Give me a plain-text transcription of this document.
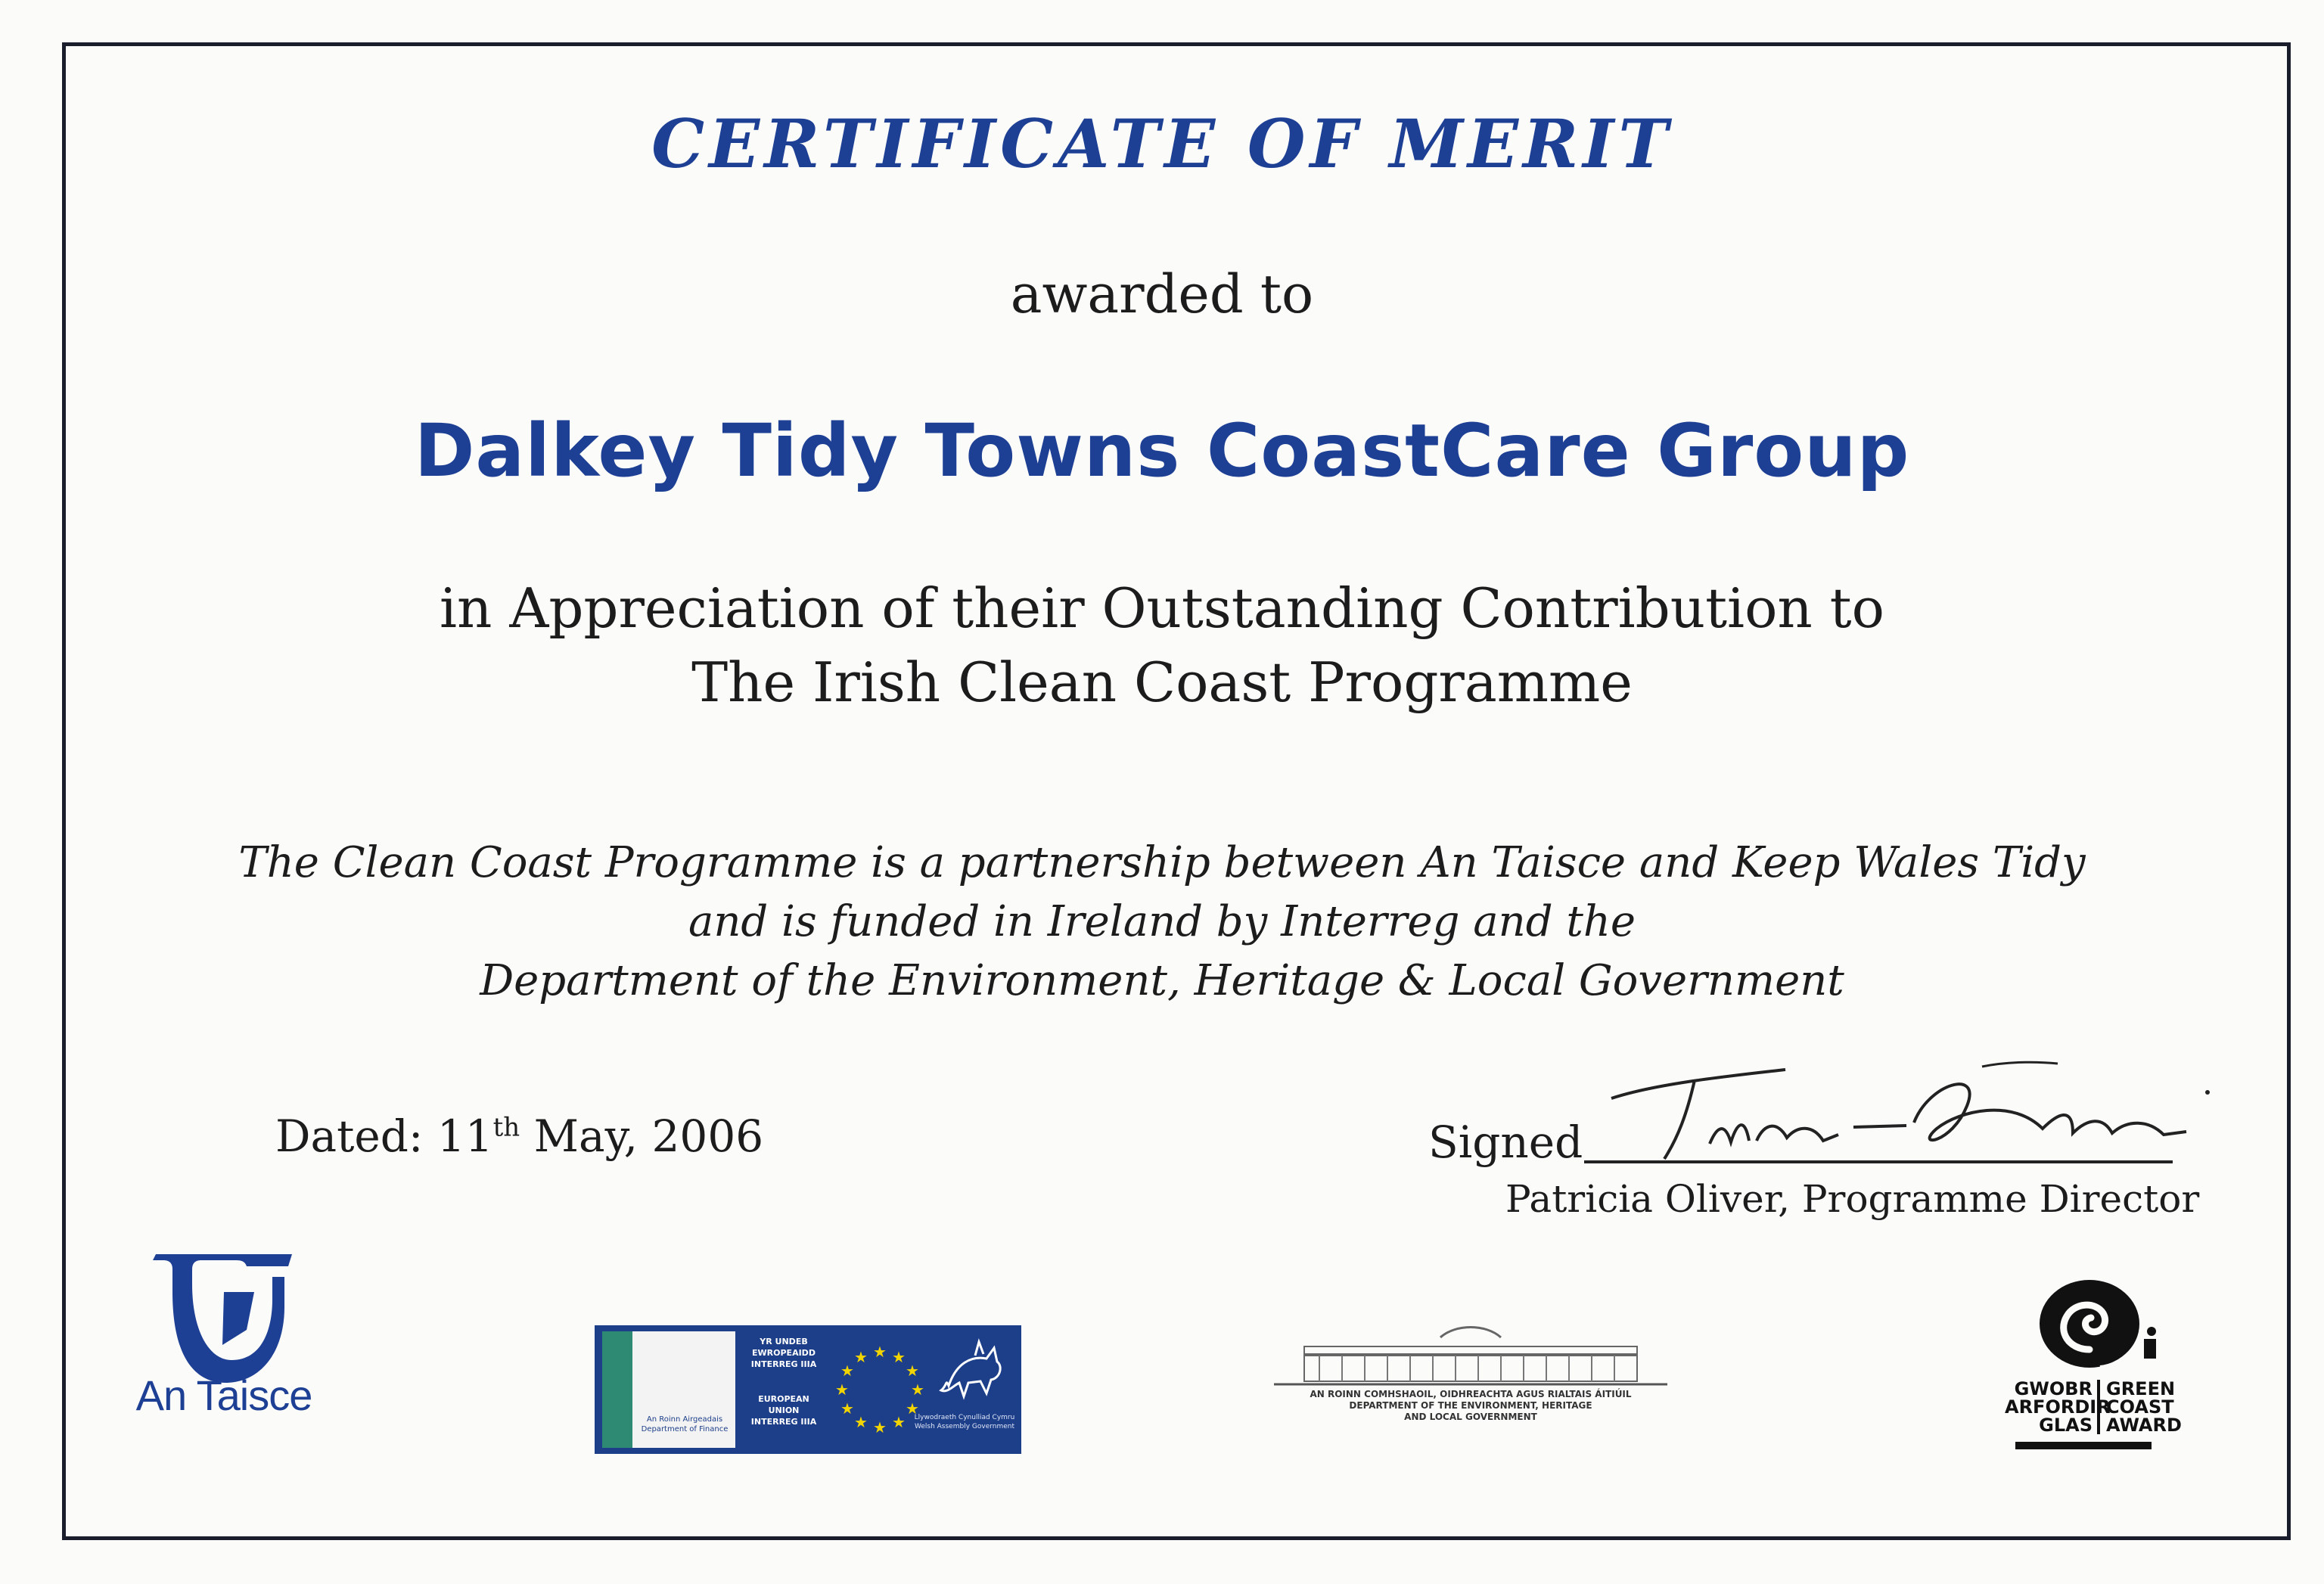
CERTIFICATE OF MERIT
awarded to
Dalkey Tidy Towns CoastCare Group
in Appreciation of their Outstanding Contribution to
The Irish Clean Coast Programme
The Clean Coast Programme is a partnership between An Taisce and Keep Wales Tidy
and is funded in Ireland by Interreg and the
Department of the Environment, Heritage & Local Government
Dated: 11th May, 2006	Signed
Patricia Oliver, Programme Director
An Taisce
An Roinn Airgeadais
Department of Finance
YR UNDEB
EWROPEAIDD
INTERREG IIIA
EUROPEAN
UNION
INTERREG IIIA
★ ★
★
★
★
★
★
★
★
★
★
★
Llywodraeth Cynulliad Cymru
Welsh Assembly Government
AN ROINN COMHSHAOIL, OIDHREACHTA AGUS RIALTAIS ÁITIÚIL
DEPARTMENT OF THE ENVIRONMENT, HERITAGE
AND LOCAL GOVERNMENT
GWOBR
ARFORDIR
GLAS
GREEN
COAST
AWARD
